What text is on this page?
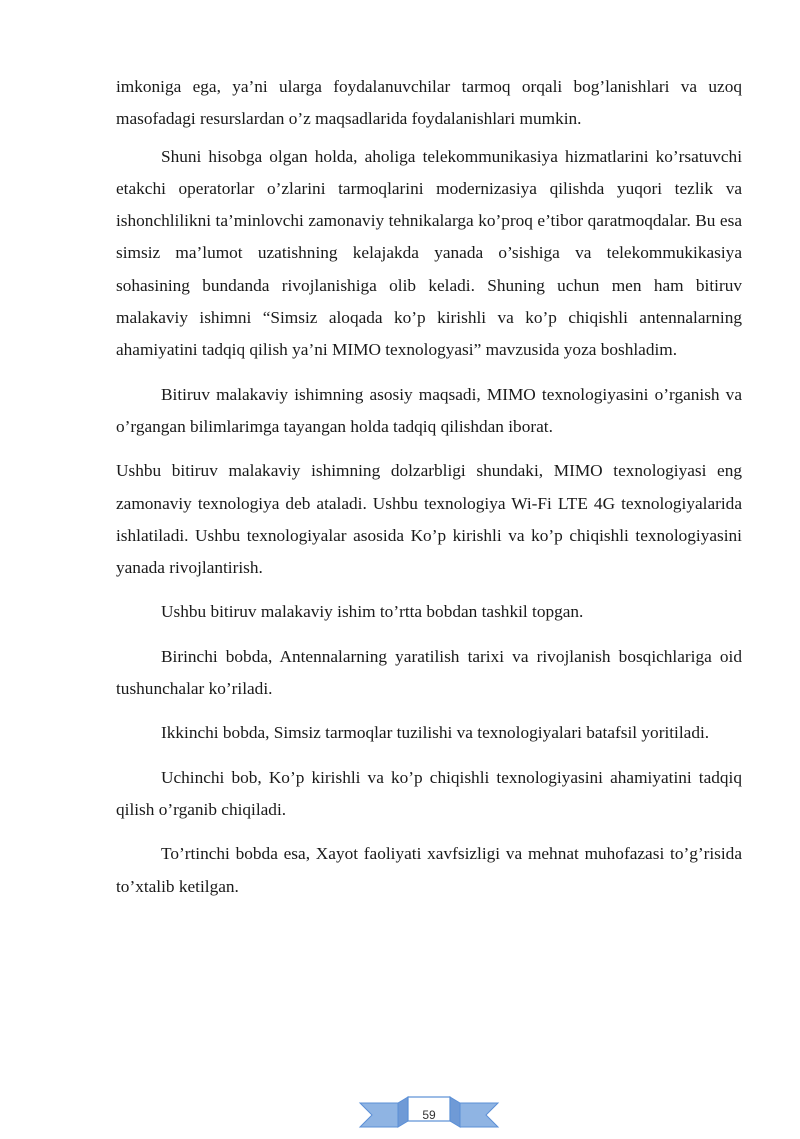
imkoniga ega, ya’ni ularga foydalanuvchilar tarmoq orqali bog’lanishlari va uzoq masofadagi resurslardan o’z maqsadlarida foydalanishlari mumkin.

Shuni hisobga olgan holda, aholiga telekommunikasiya hizmatlarini ko’rsatuvchi etakchi operatorlar o’zlarini tarmoqlarini modernizasiya qilishda yuqori tezlik va ishonchlilikni ta’minlovchi zamonaviy tehnikalarga ko’proq e’tibor qaratmoqdalar. Bu esa simsiz ma’lumot uzatishning kelajakda yanada o’sishiga va telekommukikasiya sohasining bundanda rivojlanishiga olib keladi. Shuning uchun men ham bitiruv malakaviy ishimni “Simsiz aloqada ko’p kirishli va ko’p chiqishli antennalarning ahamiyatini tadqiq qilish ya’ni MIMO texnologyasi” mavzusida yoza boshladim.

Bitiruv malakaviy ishimning asosiy maqsadi, MIMO texnologiyasini o’rganish va o’rgangan bilimlarimga tayangan holda tadqiq qilishdan iborat.

Ushbu bitiruv malakaviy ishimning dolzarbligi shundaki, MIMO texnologiyasi eng zamonaviy texnologiya deb ataladi. Ushbu texnologiya Wi-Fi LTE 4G texnologiyalarida ishlatiladi. Ushbu texnologiyalar asosida Ko’p kirishli va ko’p chiqishli texnologiyasini yanada rivojlantirish.

Ushbu bitiruv malakaviy ishim to’rtta bobdan tashkil topgan.

Birinchi bobda, Antennalarning yaratilish tarixi va rivojlanish bosqichlariga oid tushunchalar ko’riladi.

Ikkinchi bobda, Simsiz tarmoqlar tuzilishi va texnologiyalari batafsil yoritiladi.

Uchinchi bob, Ko’p kirishli va ko’p chiqishli texnologiyasini ahamiyatini tadqiq qilish o’rganib chiqiladi.

To’rtinchi bobda esa, Xayot faoliyati xavfsizligi va mehnat muhofazasi to’g’risida to’xtalib ketilgan.

59
